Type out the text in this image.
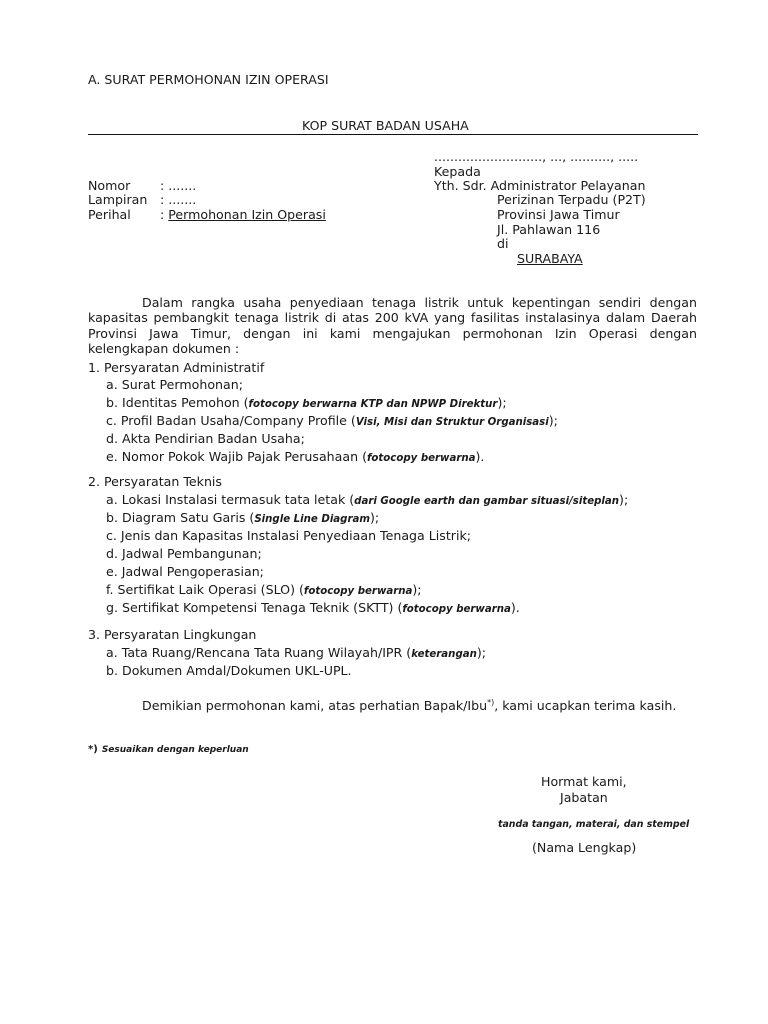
A. SURAT PERMOHONAN IZIN OPERASI
KOP SURAT BADAN USAHA
..........................., ..., .........., .....
Kepada
Yth. Sdr. Administrator Pelayanan
Perizinan Terpadu (P2T)
Provinsi Jawa Timur
Jl. Pahlawan 116
di
SURABAYA
Nomor : .......
Lampiran : .......
Perihal : Permohonan Izin Operasi
Dalam rangka usaha penyediaan tenaga listrik untuk kepentingan sendiri dengan kapasitas pembangkit tenaga listrik di atas 200 kVA yang fasilitas instalasinya dalam Daerah Provinsi Jawa Timur, dengan ini kami mengajukan permohonan Izin Operasi dengan kelengkapan dokumen :
1. Persyaratan Administratif
a. Surat Permohonan;
b. Identitas Pemohon (fotocopy berwarna KTP dan NPWP Direktur);
c. Profil Badan Usaha/Company Profile (Visi, Misi dan Struktur Organisasi);
d. Akta Pendirian Badan Usaha;
e. Nomor Pokok Wajib Pajak Perusahaan (fotocopy berwarna).
2. Persyaratan Teknis
a. Lokasi Instalasi termasuk tata letak (dari Google earth dan gambar situasi/siteplan);
b. Diagram Satu Garis (Single Line Diagram);
c. Jenis dan Kapasitas Instalasi Penyediaan Tenaga Listrik;
d. Jadwal Pembangunan;
e. Jadwal Pengoperasian;
f. Sertifikat Laik Operasi (SLO) (fotocopy berwarna);
g. Sertifikat Kompetensi Tenaga Teknik (SKTT) (fotocopy berwarna).
3. Persyaratan Lingkungan
a. Tata Ruang/Rencana Tata Ruang Wilayah/IPR (keterangan);
b. Dokumen Amdal/Dokumen UKL-UPL.
Demikian permohonan kami, atas perhatian Bapak/Ibu*), kami ucapkan terima kasih.
*) Sesuaikan dengan keperluan
Hormat kami,
Jabatan
tanda tangan, materai, dan stempel
(Nama Lengkap)
